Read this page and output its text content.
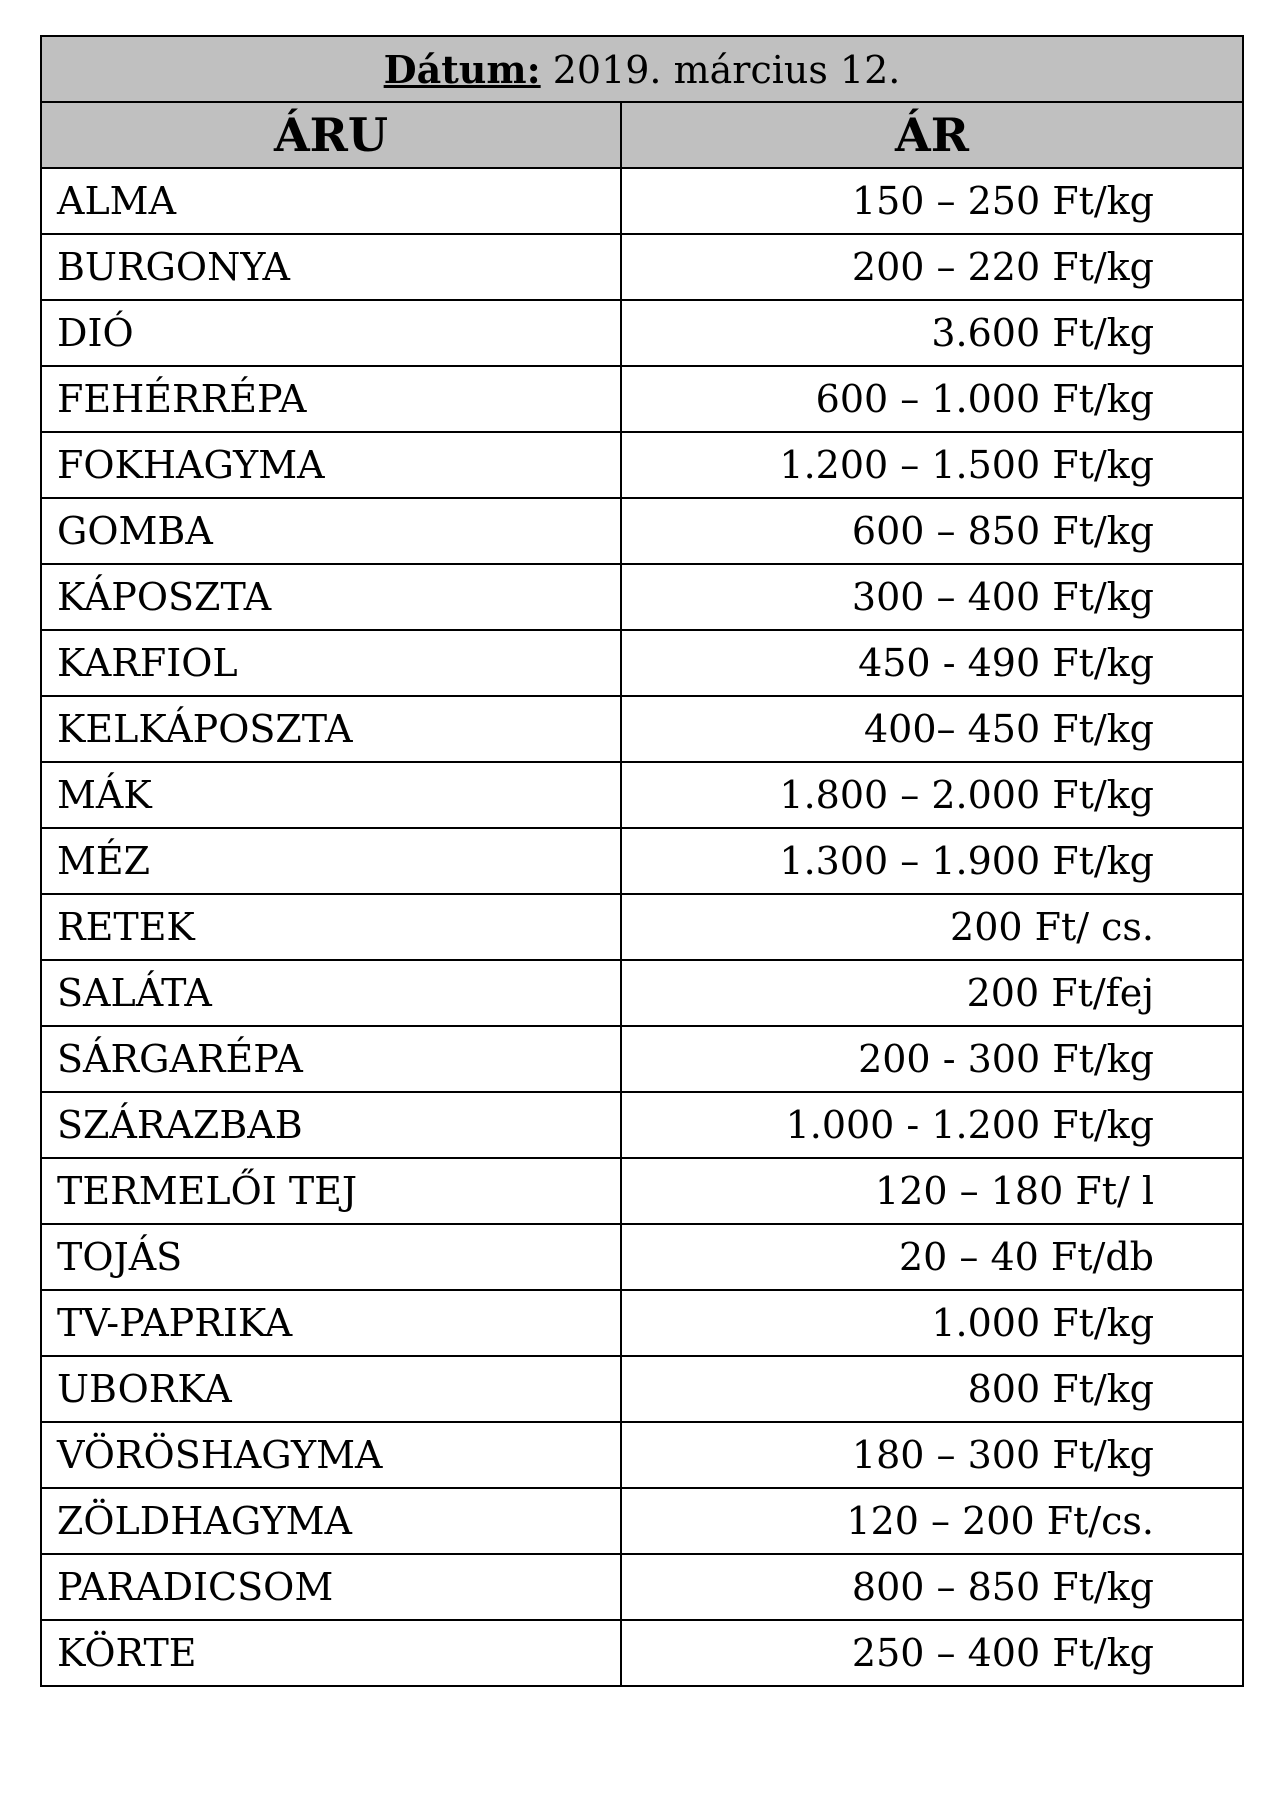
Dátum: 2019. március 12.	
ÁRU	ÁR
ALMA	150 – 250 Ft/kg
BURGONYA	200 – 220 Ft/kg
DIÓ	3.600 Ft/kg
FEHÉRRÉPA	600 – 1.000 Ft/kg
FOKHAGYMA	1.200 – 1.500 Ft/kg
GOMBA	600 – 850 Ft/kg
KÁPOSZTA	300 – 400 Ft/kg
KARFIOL	450 - 490 Ft/kg
KELKÁPOSZTA	400– 450 Ft/kg
MÁK	1.800 – 2.000 Ft/kg
MÉZ	1.300 – 1.900 Ft/kg
RETEK	200 Ft/ cs.
SALÁTA	200 Ft/fej
SÁRGARÉPA	200 - 300 Ft/kg
SZÁRAZBAB	1.000 - 1.200 Ft/kg
TERMELŐI TEJ	120 – 180 Ft/ l
TOJÁS	20 – 40 Ft/db
TV-PAPRIKA	1.000 Ft/kg
UBORKA	800 Ft/kg
VÖRÖSHAGYMA	180 – 300 Ft/kg
ZÖLDHAGYMA	120 – 200 Ft/cs.
PARADICSOM	800 – 850 Ft/kg
KÖRTE	250 – 400 Ft/kg
